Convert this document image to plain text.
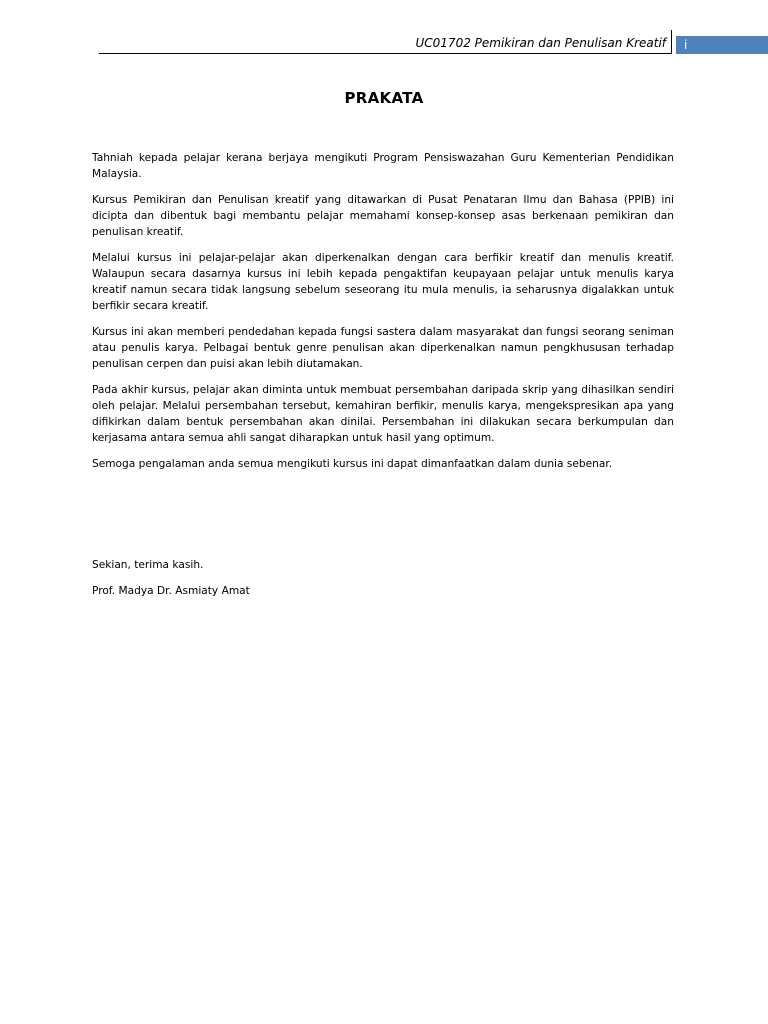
UC01702 Pemikiran dan Penulisan Kreatif i
PRAKATA

Tahniah kepada pelajar kerana berjaya mengikuti Program Pensiswazahan Guru Kementerian Pendidikan Malaysia.

Kursus Pemikiran dan Penulisan kreatif yang ditawarkan di Pusat Penataran Ilmu dan Bahasa (PPIB) ini dicipta dan dibentuk bagi membantu pelajar memahami konsep-konsep asas berkenaan pemikiran dan penulisan kreatif.

Melalui kursus ini pelajar-pelajar akan diperkenalkan dengan cara berfikir kreatif dan menulis kreatif. Walaupun secara dasarnya kursus ini lebih kepada pengaktifan keupayaan pelajar untuk menulis karya kreatif namun secara tidak langsung sebelum seseorang itu mula menulis, ia seharusnya digalakkan untuk berfikir secara kreatif.

Kursus ini akan memberi pendedahan kepada fungsi sastera dalam masyarakat dan fungsi seorang seniman atau penulis karya. Pelbagai bentuk genre penulisan akan diperkenalkan namun pengkhususan terhadap penulisan cerpen dan puisi akan lebih diutamakan.

Pada akhir kursus, pelajar akan diminta untuk membuat persembahan daripada skrip yang dihasilkan sendiri oleh pelajar. Melalui persembahan tersebut, kemahiran berfikir, menulis karya, mengekspresikan apa yang difikirkan dalam bentuk persembahan akan dinilai. Persembahan ini dilakukan secara berkumpulan dan kerjasama antara semua ahli sangat diharapkan untuk hasil yang optimum.

Semoga pengalaman anda semua mengikuti kursus ini dapat dimanfaatkan dalam dunia sebenar.

Sekian, terima kasih.

Prof. Madya Dr. Asmiaty Amat
